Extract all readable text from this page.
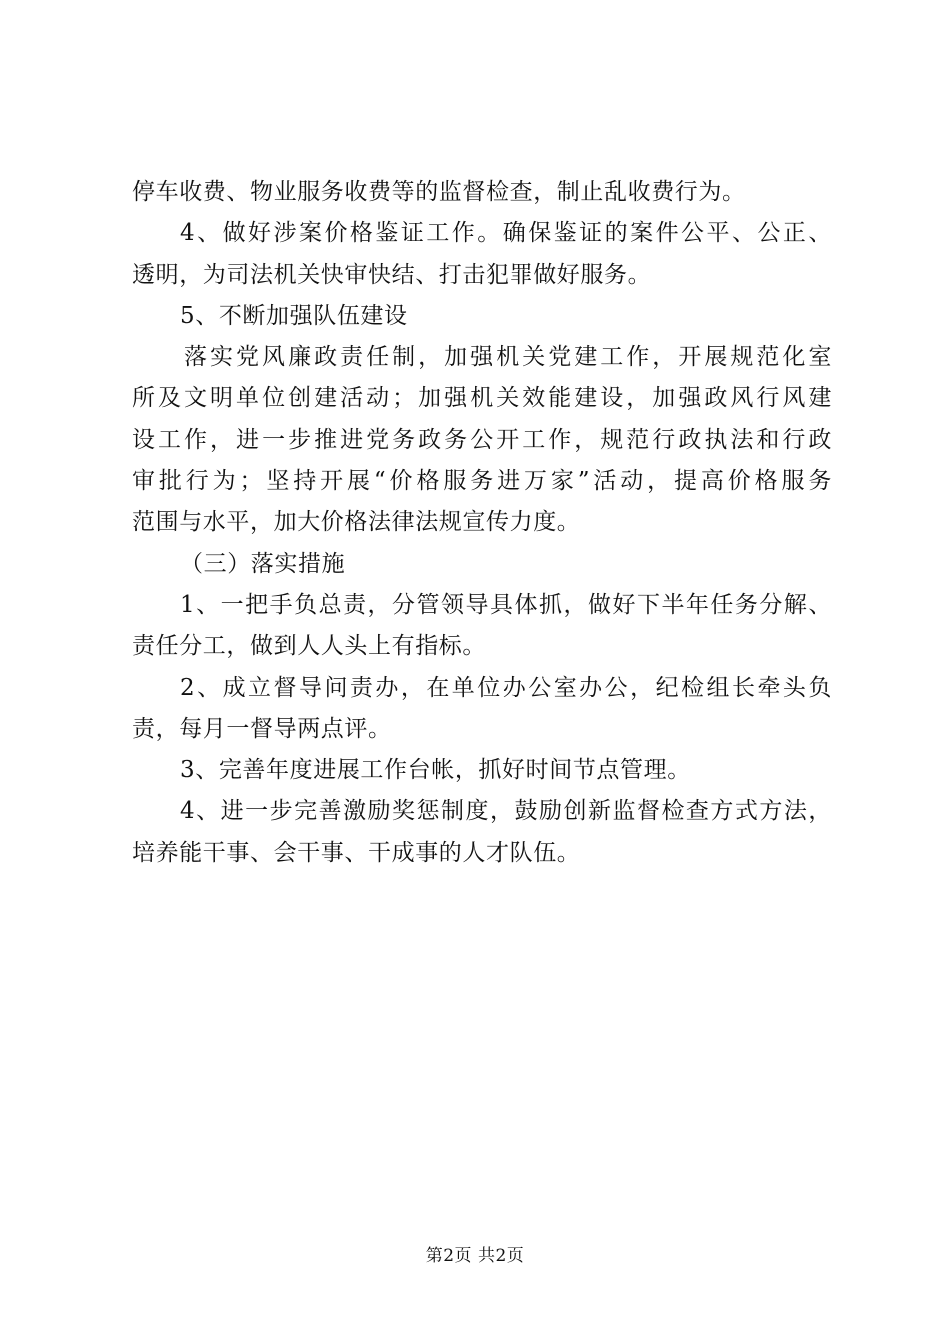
停车收费、物业服务收费等的监督检查，制止乱收费行为。
4、做好涉案价格鉴证工作。确保鉴证的案件公平、公正、
透明，为司法机关快审快结、打击犯罪做好服务。
5、不断加强队伍建设
落实党风廉政责任制，加强机关党建工作，开展规范化室
所及文明单位创建活动；加强机关效能建设，加强政风行风建
设工作，进一步推进党务政务公开工作，规范行政执法和行政
审批行为；坚持开展“价格服务进万家”活动，提高价格服务
范围与水平，加大价格法律法规宣传力度。
（三）落实措施
1、一把手负总责，分管领导具体抓，做好下半年任务分解、
责任分工，做到人人头上有指标。
2、成立督导问责办，在单位办公室办公，纪检组长牵头负
责，每月一督导两点评。
3、完善年度进展工作台帐，抓好时间节点管理。
4、进一步完善激励奖惩制度，鼓励创新监督检查方式方法，
培养能干事、会干事、干成事的人才队伍。
第2页 共2页
